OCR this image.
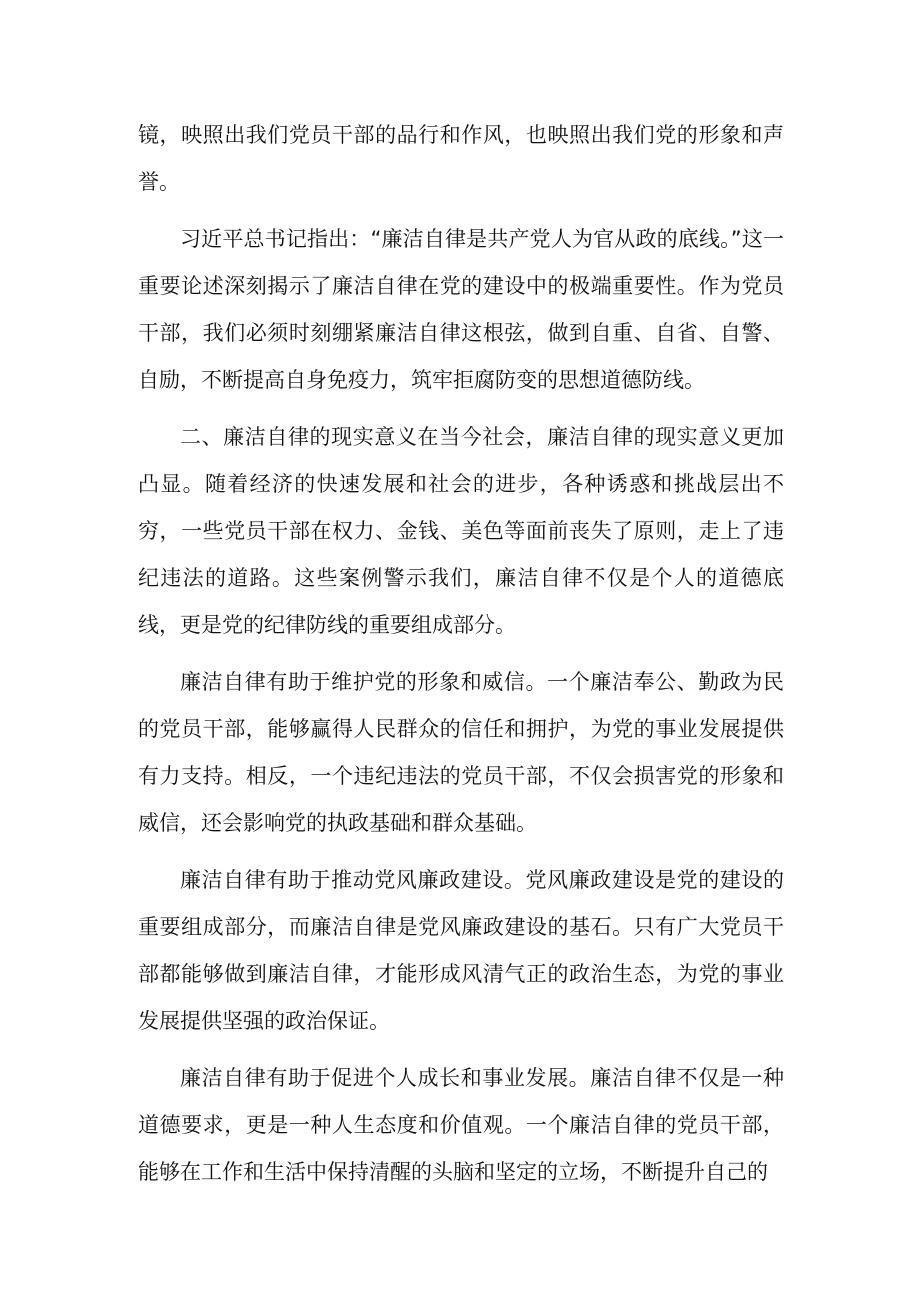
镜，映照出我们党员干部的品行和作风，也映照出我们党的形象和声誉。

习近平总书记指出：“廉洁自律是共产党人为官从政的底线。”这一重要论述深刻揭示了廉洁自律在党的建设中的极端重要性。作为党员干部，我们必须时刻绷紧廉洁自律这根弦，做到自重、自省、自警、自励，不断提高自身免疫力，筑牢拒腐防变的思想道德防线。

二、廉洁自律的现实意义在当今社会，廉洁自律的现实意义更加凸显。随着经济的快速发展和社会的进步，各种诱惑和挑战层出不穷，一些党员干部在权力、金钱、美色等面前丧失了原则，走上了违纪违法的道路。这些案例警示我们，廉洁自律不仅是个人的道德底线，更是党的纪律防线的重要组成部分。

廉洁自律有助于维护党的形象和威信。一个廉洁奉公、勤政为民的党员干部，能够赢得人民群众的信任和拥护，为党的事业发展提供有力支持。相反，一个违纪违法的党员干部，不仅会损害党的形象和威信，还会影响党的执政基础和群众基础。

廉洁自律有助于推动党风廉政建设。党风廉政建设是党的建设的重要组成部分，而廉洁自律是党风廉政建设的基石。只有广大党员干部都能够做到廉洁自律，才能形成风清气正的政治生态，为党的事业发展提供坚强的政治保证。

廉洁自律有助于促进个人成长和事业发展。廉洁自律不仅是一种道德要求，更是一种人生态度和价值观。一个廉洁自律的党员干部，能够在工作和生活中保持清醒的头脑和坚定的立场，不断提升自己的
